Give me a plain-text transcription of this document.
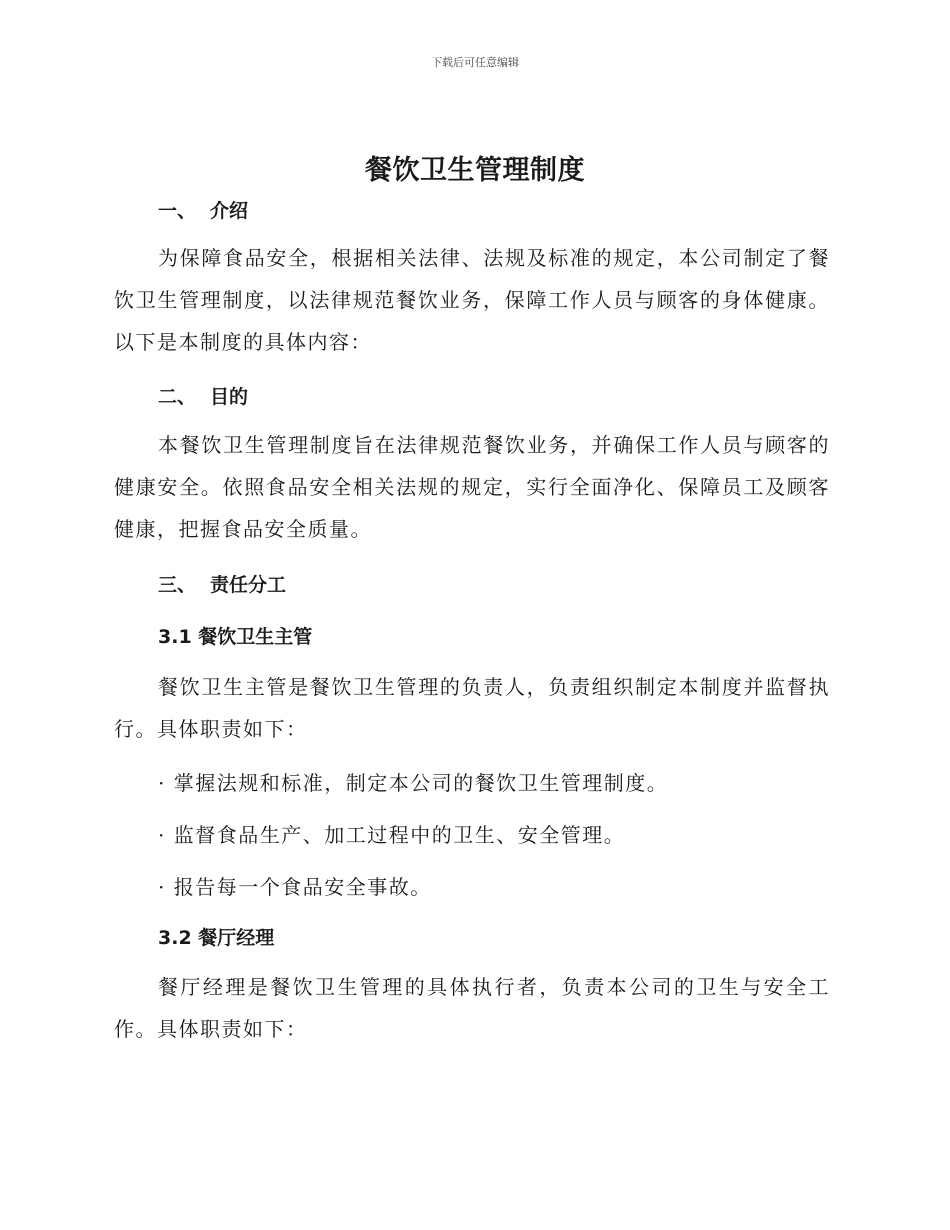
下载后可任意编辑
餐饮卫生管理制度
一、 介绍
为保障食品安全，根据相关法律、法规及标准的规定，本公司制定了餐饮卫生管理制度，以法律规范餐饮业务，保障工作人员与顾客的身体健康。以下是本制度的具体内容：
二、 目的
本餐饮卫生管理制度旨在法律规范餐饮业务，并确保工作人员与顾客的健康安全。依照食品安全相关法规的规定，实行全面净化、保障员工及顾客健康，把握食品安全质量。
三、 责任分工
3.1 餐饮卫生主管
餐饮卫生主管是餐饮卫生管理的负责人，负责组织制定本制度并监督执行。具体职责如下：
· 掌握法规和标准，制定本公司的餐饮卫生管理制度。
· 监督食品生产、加工过程中的卫生、安全管理。
· 报告每一个食品安全事故。
3.2 餐厅经理
餐厅经理是餐饮卫生管理的具体执行者，负责本公司的卫生与安全工作。具体职责如下：
